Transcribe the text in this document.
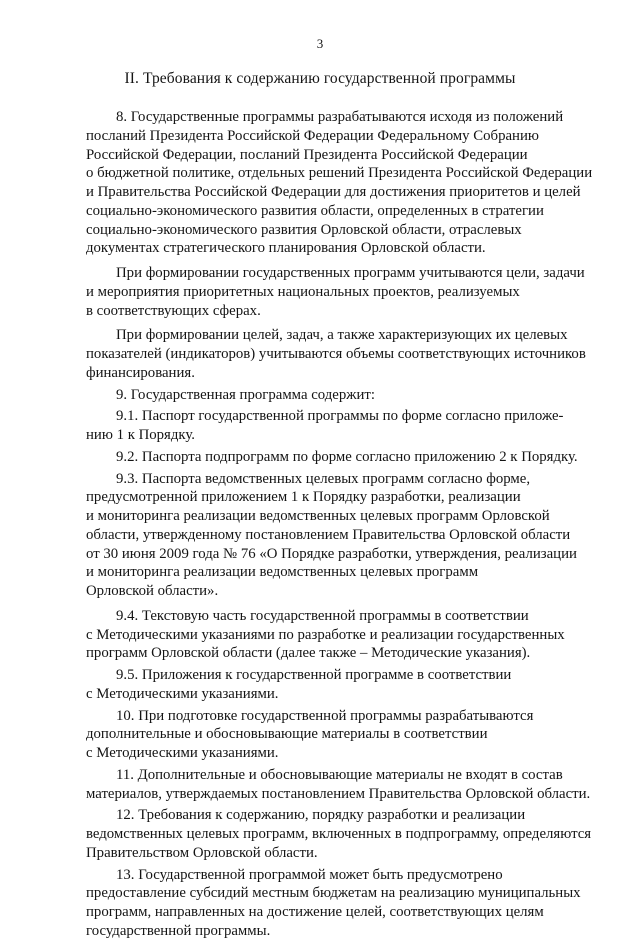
3
II. Требования к содержанию государственной программы

8. Государственные программы разрабатываются исходя из положений
посланий Президента Российской Федерации Федеральному Собранию
Российской Федерации, посланий Президента Российской Федерации
о бюджетной политике, отдельных решений Президента Российской Федерации
и Правительства Российской Федерации для достижения приоритетов и целей
социально-экономического развития области, определенных в стратегии
социально-экономического развития Орловской области, отраслевых
документах стратегического планирования Орловской области.

При формировании государственных программ учитываются цели, задачи
и мероприятия приоритетных национальных проектов, реализуемых
в соответствующих сферах.

При формировании целей, задач, а также характеризующих их целевых
показателей (индикаторов) учитываются объемы соответствующих источников
финансирования.

9. Государственная программа содержит:

9.1. Паспорт государственной программы по форме согласно приложе-
нию 1 к Порядку.

9.2. Паспорта подпрограмм по форме согласно приложению 2 к Порядку.

9.3. Паспорта ведомственных целевых программ согласно форме,
предусмотренной приложением 1 к Порядку разработки, реализации
и мониторинга реализации ведомственных целевых программ Орловской
области, утвержденному постановлением Правительства Орловской области
от 30 июня 2009 года № 76 «О Порядке разработки, утверждения, реализации
и мониторинга реализации ведомственных целевых программ
Орловской области».

9.4. Текстовую часть государственной программы в соответствии
с Методическими указаниями по разработке и реализации государственных
программ Орловской области (далее также – Методические указания).

9.5. Приложения к государственной программе в соответствии
с Методическими указаниями.

10. При подготовке государственной программы разрабатываются
дополнительные и обосновывающие материалы в соответствии
с Методическими указаниями.

11. Дополнительные и обосновывающие материалы не входят в состав
материалов, утверждаемых постановлением Правительства Орловской области.

12. Требования к содержанию, порядку разработки и реализации
ведомственных целевых программ, включенных в подпрограмму, определяются
Правительством Орловской области.

13. Государственной программой может быть предусмотрено
предоставление субсидий местным бюджетам на реализацию муниципальных
программ, направленных на достижение целей, соответствующих целям
государственной программы.
